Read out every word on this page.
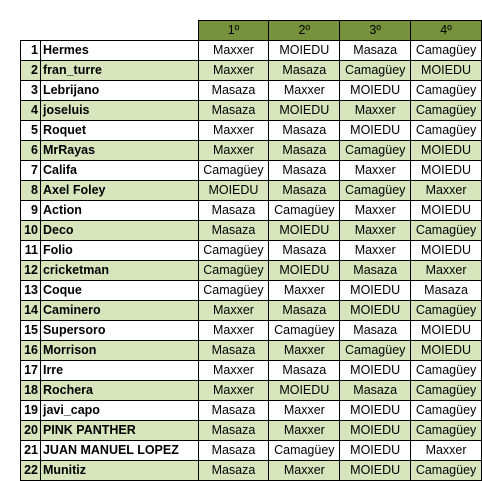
		1º	2º	3º	4º
1	Hermes	Maxxer	MOIEDU	Masaza	Camagüey
2	fran_turre	Maxxer	Masaza	Camagüey	MOIEDU
3	Lebrijano	Masaza	Maxxer	MOIEDU	Camagüey
4	joseluis	Masaza	MOIEDU	Maxxer	Camagüey
5	Roquet	Maxxer	Masaza	MOIEDU	Camagüey
6	MrRayas	Maxxer	Masaza	Camagüey	MOIEDU
7	Califa	Camagüey	Masaza	Maxxer	MOIEDU
8	Axel Foley	MOIEDU	Masaza	Camagüey	Maxxer
9	Action	Masaza	Camagüey	Maxxer	MOIEDU
10	Deco	Masaza	MOIEDU	Maxxer	Camagüey
11	Folio	Camagüey	Masaza	Maxxer	MOIEDU
12	cricketman	Camagüey	MOIEDU	Masaza	Maxxer
13	Coque	Camagüey	Maxxer	MOIEDU	Masaza
14	Caminero	Maxxer	Masaza	MOIEDU	Camagüey
15	Supersoro	Maxxer	Camagüey	Masaza	MOIEDU
16	Morrison	Masaza	Maxxer	Camagüey	MOIEDU
17	Irre	Maxxer	Masaza	MOIEDU	Camagüey
18	Rochera	Maxxer	MOIEDU	Masaza	Camagüey
19	javi_capo	Masaza	Maxxer	MOIEDU	Camagüey
20	PINK PANTHER	Masaza	Maxxer	MOIEDU	Camagüey
21	JUAN MANUEL LOPEZ	Masaza	Camagüey	MOIEDU	Maxxer
22	Munitiz	Masaza	Maxxer	MOIEDU	Camagüey
